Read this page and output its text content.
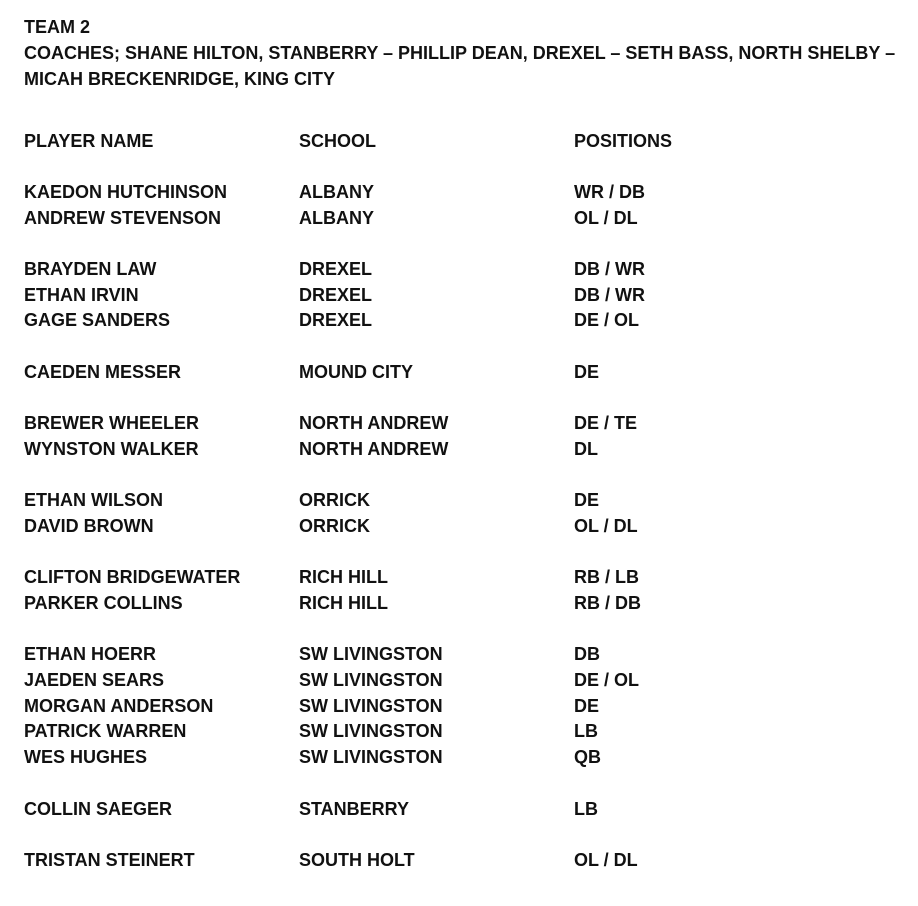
TEAM 2
COACHES; SHANE HILTON, STANBERRY – PHILLIP DEAN, DREXEL – SETH BASS, NORTH SHELBY – MICAH BRECKENRIDGE, KING CITY
PLAYER NAME	SCHOOL	POSITIONS
KAEDON HUTCHINSON	ALBANY	WR / DB
ANDREW STEVENSON	ALBANY	OL / DL
BRAYDEN LAW	DREXEL	DB / WR
ETHAN IRVIN	DREXEL	DB / WR
GAGE SANDERS	DREXEL	DE / OL
CAEDEN MESSER	MOUND CITY	DE
BREWER WHEELER	NORTH ANDREW	DE / TE
WYNSTON WALKER	NORTH ANDREW	DL
ETHAN WILSON	ORRICK	DE
DAVID BROWN	ORRICK	OL / DL
CLIFTON BRIDGEWATER	RICH HILL	RB / LB
PARKER COLLINS	RICH HILL	RB / DB
ETHAN HOERR	SW LIVINGSTON	DB
JAEDEN SEARS	SW LIVINGSTON	DE / OL
MORGAN ANDERSON	SW LIVINGSTON	DE
PATRICK WARREN	SW LIVINGSTON	LB
WES HUGHES	SW LIVINGSTON	QB
COLLIN SAEGER	STANBERRY	LB
TRISTAN STEINERT	SOUTH HOLT	OL / DL
